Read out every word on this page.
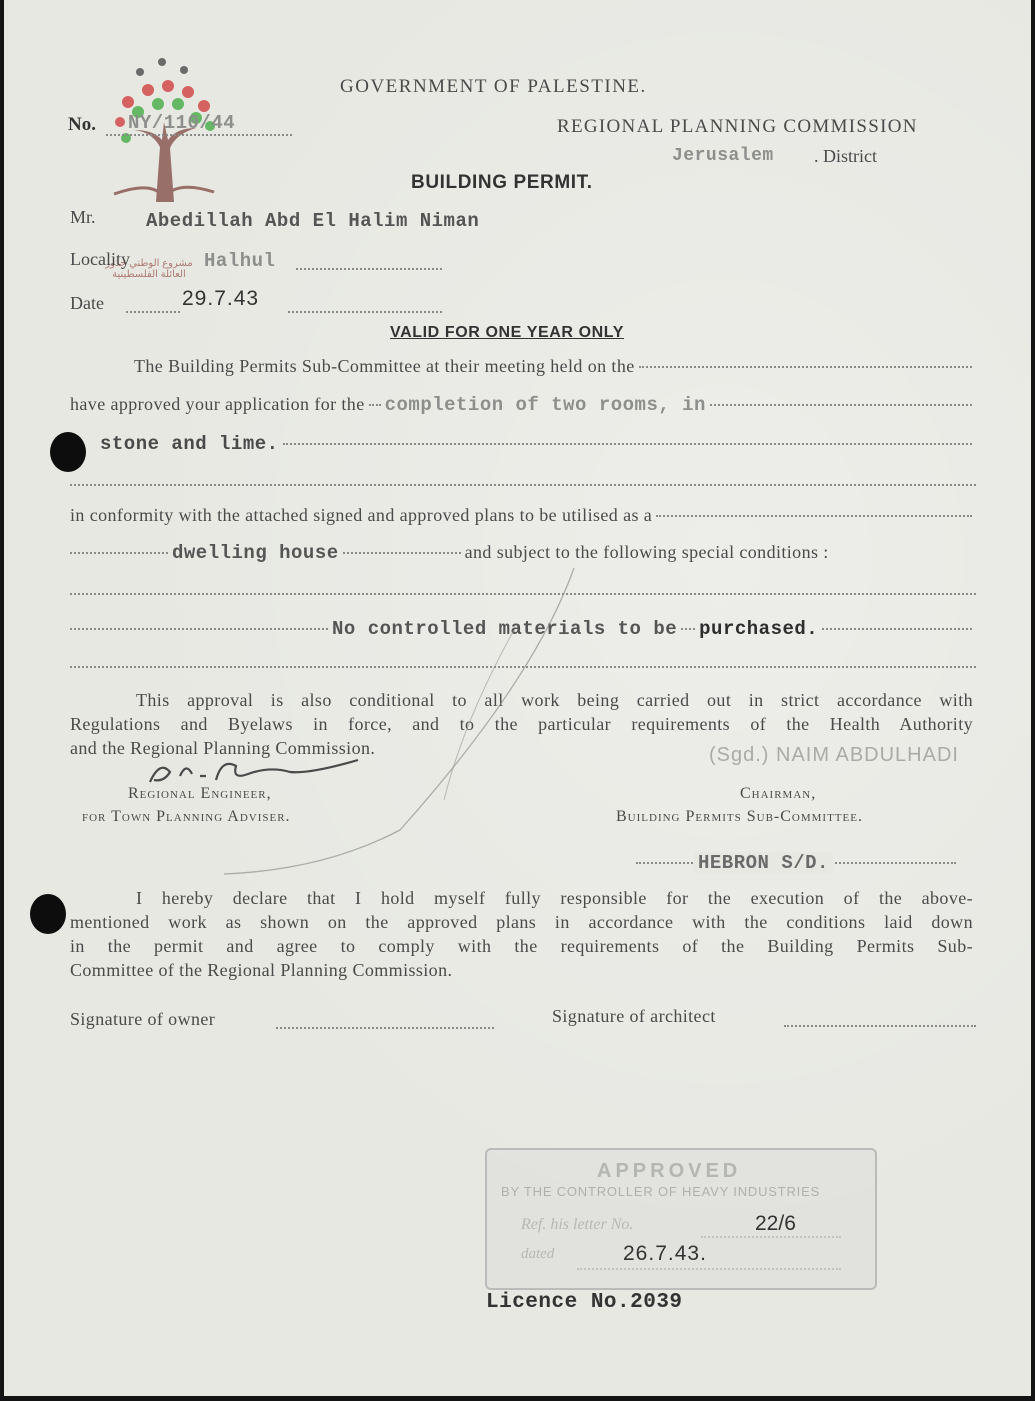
مشروع الوطني جذور العائلة الفلسطينية
GOVERNMENT OF PALESTINE.
No. NY/110/44	REGIONAL PLANNING COMMISSION
Jerusalem . District
BUILDING PERMIT.
Mr.	Abedillah Abd El Halim Niman
Locality	Halhul
Date	29.7.43
VALID FOR ONE YEAR ONLY
The Building Permits Sub-Committee at their meeting held on the
have approved your application for the completion of two rooms, in
stone and lime.
in conformity with the attached signed and approved plans to be utilised as a
dwelling house	and subject to the following special conditions :
No controlled materials to be purchased.
This approval is also conditional to all work being carried out in strict accordance with
Regulations and Byelaws in force, and to the particular requirements of the Health Authority
and the Regional Planning Commission.	(Sgd.) NAIM ABDULHADI
Regional Engineer,
for Town Planning Adviser.
Chairman,
Building Permits Sub-Committee.
HEBRON S/D.
I hereby declare that I hold myself fully responsible for the execution of the above-
mentioned work as shown on the approved plans in accordance with the conditions laid down
in the permit and agree to comply with the requirements of the Building Permits Sub-
Committee of the Regional Planning Commission.
Signature of owner	Signature of architect
APPROVED
BY THE CONTROLLER OF HEAVY INDUSTRIES
Ref. his letter No.	22/6
dated	26.7.43.
Licence No.2039
